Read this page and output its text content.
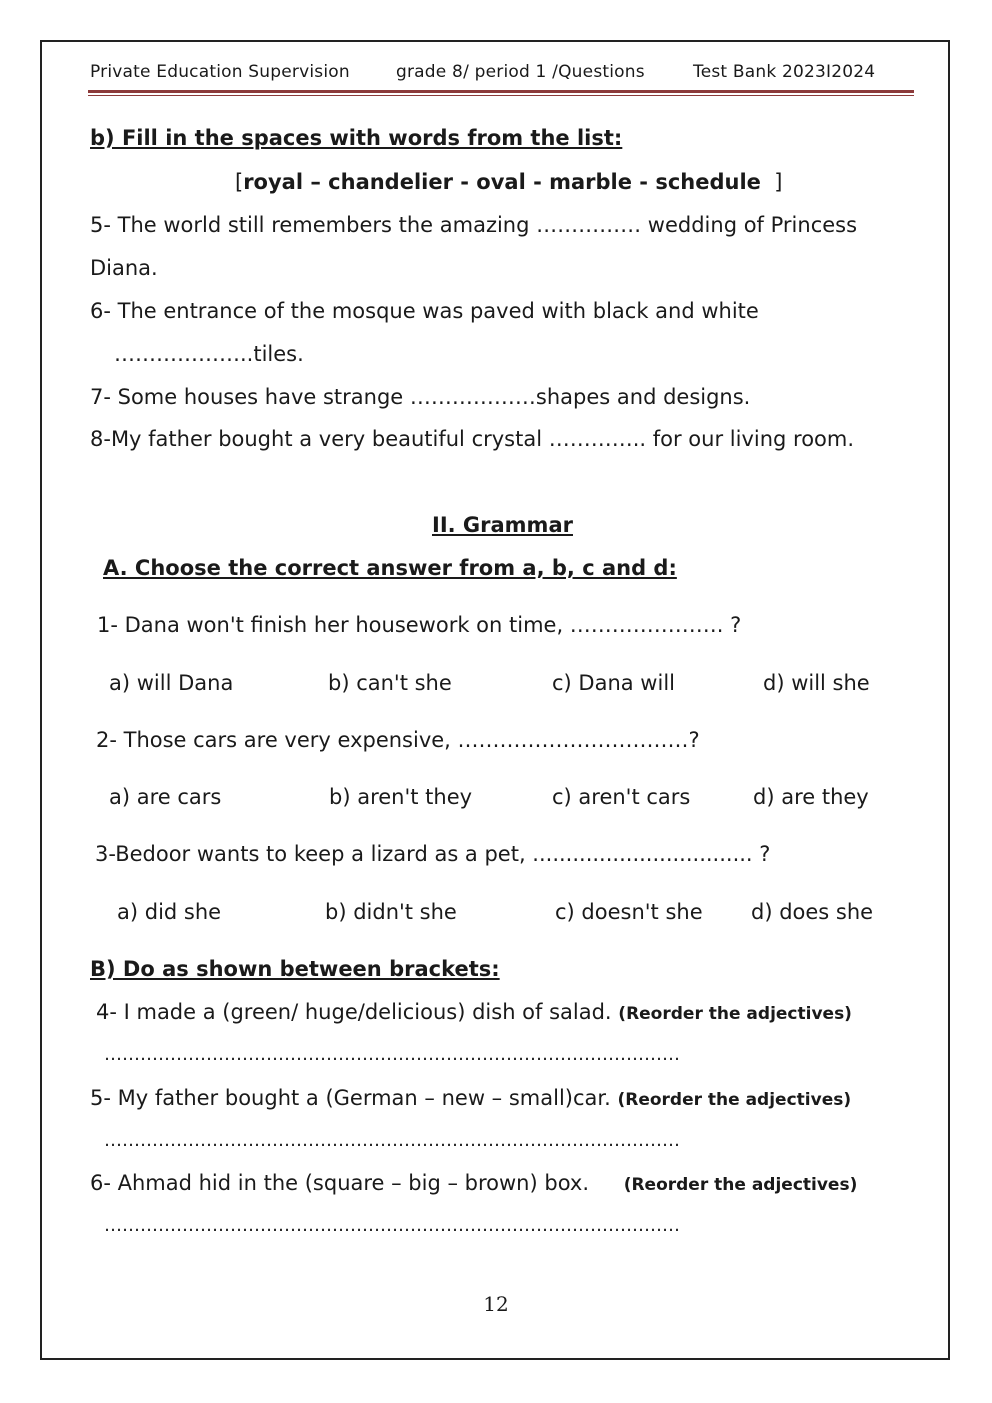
Private Education Supervision	grade 8/ period 1 /Questions	Test Bank 2023I2024
b) Fill in the spaces with words from the list:
[royal – chandelier - oval - marble - schedule ]
5- The world still remembers the amazing …………… wedding of Princess
Diana.
6- The entrance of the mosque was paved with black and white
………………..tiles.
7- Some houses have strange ………………shapes and designs.
8-My father bought a very beautiful crystal ………….. for our living room.
II. Grammar
A. Choose the correct answer from a, b, c and d:
1- Dana won't finish her housework on time, …………………. ?
a) will Dana	b) can't she	c) Dana will	d) will she
2- Those cars are very expensive, ……………………………?
a) are cars	b) aren't they	c) aren't cars	d) are they
3-Bedoor wants to keep a lizard as a pet, ................................. ?
a) did she	b) didn't she	c) doesn't she d) does she
B) Do as shown between brackets:
4- I made a (green/ huge/delicious) dish of salad. (Reorder the adjectives)
……………………………………………………………………………………
5- My father bought a (German – new – small)car. (Reorder the adjectives)
……………………………………………………………………………………
6- Ahmad hid in the (square – big – brown) box. (Reorder the adjectives)
……………………………………………………………………………………
12
